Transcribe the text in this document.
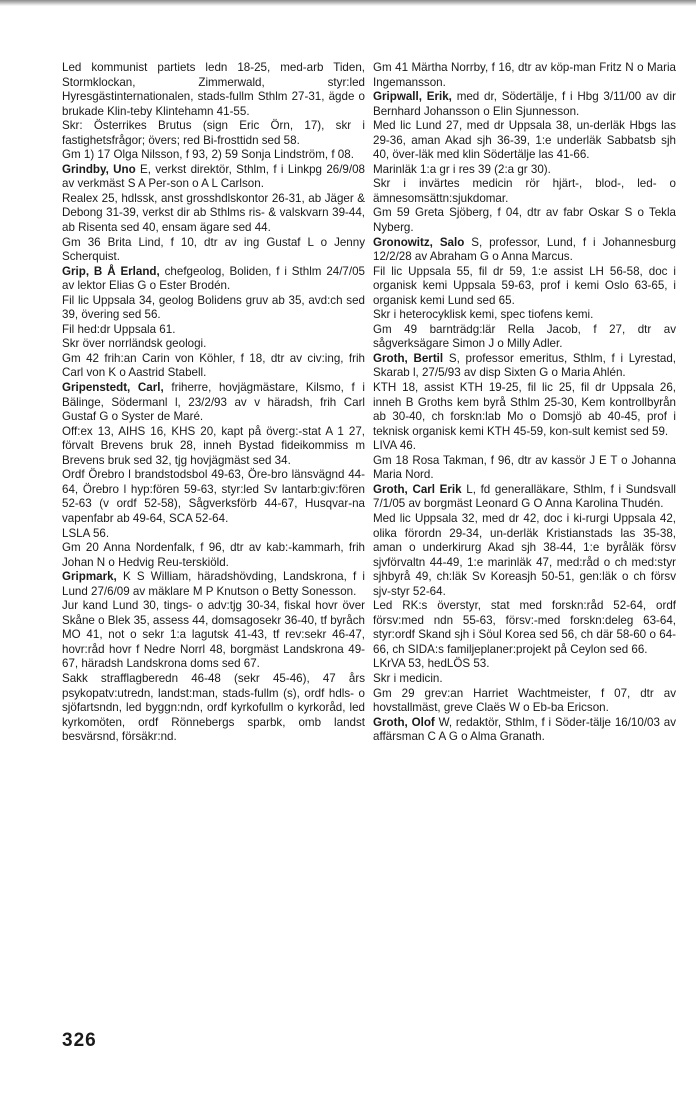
Led kommunist partiets ledn 18-25, med-arb Tiden, Stormklockan, Zimmerwald, styr:led Hyresgästinternationalen, stads-fullm Sthlm 27-31, ägde o brukade Klin-teby Klintehamn 41-55.

Skr: Österrikes Brutus (sign Eric Örn, 17), skr i fastighetsfrågor; övers; red Bi-frosttidn sed 58.

Gm 1) 17 Olga Nilsson, f 93, 2) 59 Sonja Lindström, f 08.

Grindby, Uno E, verkst direktör, Sthlm, f i Linkpg 26/9/08 av verkmäst S A Per-son o A L Carlson.

Realex 25, hdlssk, anst grosshdlskontor 26-31, ab Jäger & Debong 31-39, verkst dir ab Sthlms ris- & valskvarn 39-44, ab Risenta sed 40, ensam ägare sed 44.

Gm 36 Brita Lind, f 10, dtr av ing Gustaf L o Jenny Scherquist.

Grip, B Å Erland, chefgeolog, Boliden, f i Sthlm 24/7/05 av lektor Elias G o Ester Brodén.

Fil lic Uppsala 34, geolog Bolidens gruv ab 35, avd:ch sed 39, övering sed 56.

Fil hed:dr Uppsala 61.

Skr över norrländsk geologi.

Gm 42 frih:an Carin von Köhler, f 18, dtr av civ:ing, frih Carl von K o Aastrid Stabell.

Gripenstedt, Carl, friherre, hovjägmästare, Kilsmo, f i Bälinge, Södermanl l, 23/2/93 av v häradsh, frih Carl Gustaf G o Syster de Maré.

Off:ex 13, AIHS 16, KHS 20, kapt på överg:-stat A 1 27, förvalt Brevens bruk 28, inneh Bystad fideikommiss m Brevens bruk sed 32, tjg hovjägmäst sed 34.

Ordf Örebro l brandstodsbol 49-63, Öre-bro länsvägnd 44-64, Örebro l hyp:fören 59-63, styr:led Sv lantarb:giv:fören 52-63 (v ordf 52-58), Sågverksförb 44-67, Husqvar-na vapenfabr ab 49-64, SCA 52-64.

LSLA 56.

Gm 20 Anna Nordenfalk, f 96, dtr av kab:-kammarh, frih Johan N o Hedvig Reu-terskiöld.

Gripmark, K S William, häradshövding, Landskrona, f i Lund 27/6/09 av mäklare M P Knutson o Betty Sonesson.

Jur kand Lund 30, tings- o adv:tjg 30-34, fiskal hovr över Skåne o Blek 35, assess 44, domsagosekr 36-40, tf byråch MO 41, not o sekr 1:a lagutsk 41-43, tf rev:sekr 46-47, hovr:råd hovr f Nedre Norrl 48, borgmäst Landskrona 49-67, häradsh Landskrona doms sed 67.

Sakk strafflagberedn 46-48 (sekr 45-46), 47 års psykopatv:utredn, landst:man, stads-fullm (s), ordf hdls- o sjöfartsndn, led byggn:ndn, ordf kyrkofullm o kyrkoråd, led kyrkomöten, ordf Rönnebergs sparbk, omb landst besvärsnd, försäkr:nd.

Gm 41 Märtha Norrby, f 16, dtr av köp-man Fritz N o Maria Ingemansson.

Gripwall, Erik, med dr, Södertälje, f i Hbg 3/11/00 av dir Bernhard Johansson o Elin Sjunnesson.

Med lic Lund 27, med dr Uppsala 38, un-derläk Hbgs las 29-36, aman Akad sjh 36-39, 1:e underläk Sabbatsb sjh 40, över-läk med klin Södertälje las 41-66.

Marinläk 1:a gr i res 39 (2:a gr 30).

Skr i invärtes medicin rör hjärt-, blod-, led- o ämnesomsättn:sjukdomar.

Gm 59 Greta Sjöberg, f 04, dtr av fabr Oskar S o Tekla Nyberg.

Gronowitz, Salo S, professor, Lund, f i Johannesburg 12/2/28 av Abraham G o Anna Marcus.

Fil lic Uppsala 55, fil dr 59, 1:e assist LH 56-58, doc i organisk kemi Uppsala 59-63, prof i kemi Oslo 63-65, i organisk kemi Lund sed 65.

Skr i heterocyklisk kemi, spec tiofens kemi.

Gm 49 barnträdg:lär Rella Jacob, f 27, dtr av sågverksägare Simon J o Milly Adler.

Groth, Bertil S, professor emeritus, Sthlm, f i Lyrestad, Skarab l, 27/5/93 av disp Sixten G o Maria Ahlén.

KTH 18, assist KTH 19-25, fil lic 25, fil dr Uppsala 26, inneh B Groths kem byrå Sthlm 25-30, Kem kontrollbyrån ab 30-40, ch forskn:lab Mo o Domsjö ab 40-45, prof i teknisk organisk kemi KTH 45-59, kon-sult kemist sed 59.

LIVA 46.

Gm 18 Rosa Takman, f 96, dtr av kassör J E T o Johanna Maria Nord.

Groth, Carl Erik L, fd generalläkare, Sthlm, f i Sundsvall 7/1/05 av borgmäst Leonard G O Anna Karolina Thudén.

Med lic Uppsala 32, med dr 42, doc i ki-rurgi Uppsala 42, olika förordn 29-34, un-derläk Kristianstads las 35-38, aman o underkirurg Akad sjh 38-44, 1:e byråläk försv sjvförvaltn 44-49, 1:e marinläk 47, med:råd o ch med:styr sjhbyrå 49, ch:läk Sv Koreasjh 50-51, gen:läk o ch försv sjv-styr 52-64.

Led RK:s överstyr, stat med forskn:råd 52-64, ordf försv:med ndn 55-63, försv:-med forskn:deleg 63-64, styr:ordf Skand sjh i Söul Korea sed 56, ch där 58-60 o 64-66, ch SIDA:s familjeplaner:projekt på Ceylon sed 66.

LKrVA 53, hedLÖS 53.

Skr i medicin.

Gm 29 grev:an Harriet Wachtmeister, f 07, dtr av hovstallmäst, greve Claës W o Eb-ba Ericson.

Groth, Olof W, redaktör, Sthlm, f i Söder-tälje 16/10/03 av affärsman C A G o Alma Granath.

326
